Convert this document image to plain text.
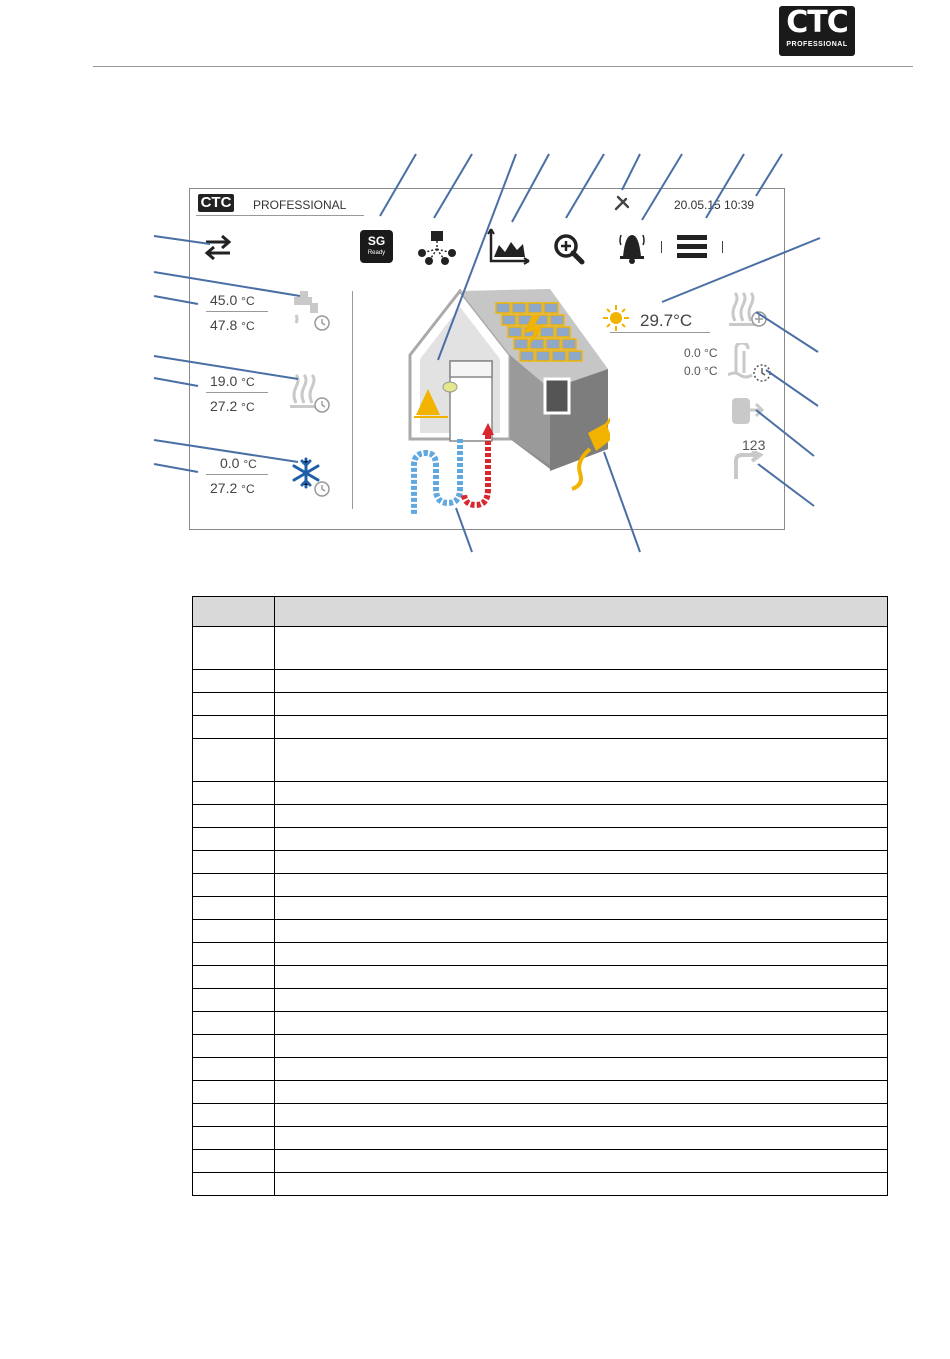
CTC
PROFESSIONAL
CTC PROFESSIONAL	20.05.15 10:39
SG
Ready
45.0 °C
47.8 °C
19.0 °C
27.2 °C
0.0 °C
27.2 °C
29.7°C
0.0 °C
0.0 °C
123
